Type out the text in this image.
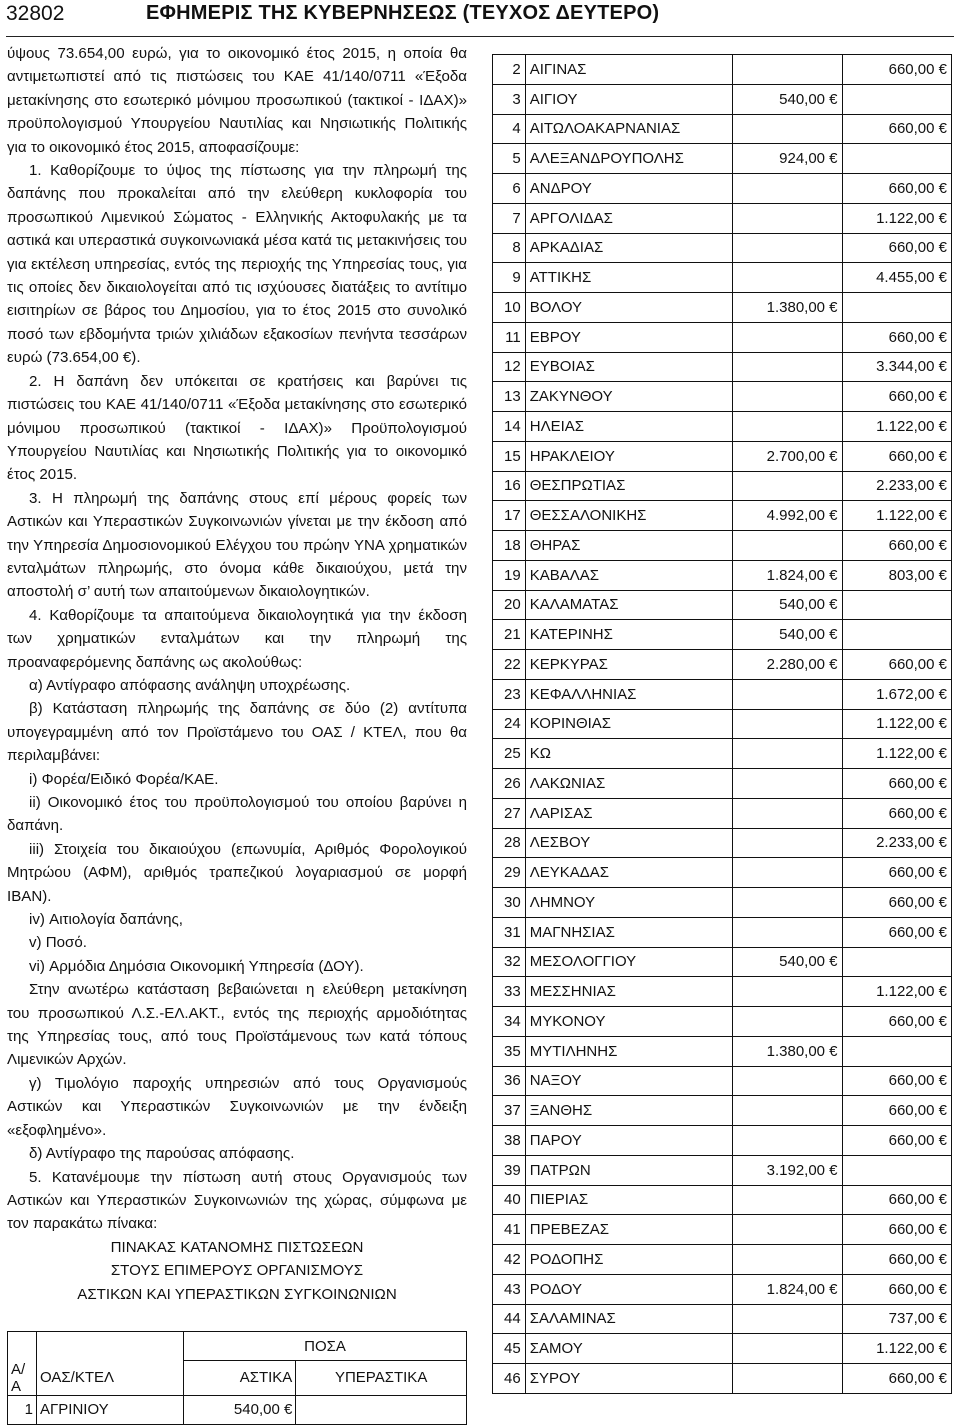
32802	ΕΦΗΜΕΡΙΣ ΤΗΣ ΚΥΒΕΡΝΗΣΕΩΣ (ΤΕΥΧΟΣ ΔΕΥΤΕΡΟ)

ύψους 73.654,00 ευρώ, για το οικονομικό έτος 2015, η οποία θα αντιμετωπιστεί από τις πιστώσεις του ΚΑΕ 41/140/0711 «Έξοδα μετακίνησης στο εσωτερικό μόνιμου προσωπικού (τακτικοί - ΙΔΑΧ)» προϋπολογισμού Υπουργείου Ναυτιλίας και Νησιωτικής Πολιτικής για το οικονομικό έτος 2015, αποφασίζουμε:

1. Καθορίζουμε το ύψος της πίστωσης για την πληρωμή της δαπάνης που προκαλείται από την ελεύθερη κυκλοφορία του προσωπικού Λιμενικού Σώματος - Ελληνικής Ακτοφυλακής με τα αστικά και υπεραστικά συγκοινωνιακά μέσα κατά τις μετακινήσεις του για εκτέλεση υπηρεσίας, εντός της περιοχής της Υπηρεσίας τους, για τις οποίες δεν δικαιολογείται από τις ισχύουσες διατάξεις το αντίτιμο εισιτηρίων σε βάρος του Δημοσίου, για το έτος 2015 στο συνολικό ποσό των εβδομήντα τριών χιλιάδων εξακοσίων πενήντα τεσσάρων ευρώ (73.654,00 €).

2. Η δαπάνη δεν υπόκειται σε κρατήσεις και βαρύνει τις πιστώσεις του ΚΑΕ 41/140/0711 «Έξοδα μετακίνησης στο εσωτερικό μόνιμου προσωπικού (τακτικοί - ΙΔΑΧ)» Προϋπολογισμού Υπουργείου Ναυτιλίας και Νησιωτικής Πολιτικής για το οικονομικό έτος 2015.

3. Η πληρωμή της δαπάνης στους επί μέρους φορείς των Αστικών και Υπεραστικών Συγκοινωνιών γίνεται με την έκδοση από την Υπηρεσία Δημοσιονομικού Ελέγχου του πρώην ΥΝΑ χρηματικών ενταλμάτων πληρωμής, στο όνομα κάθε δικαιούχου, μετά την αποστολή σ’ αυτή των απαιτούμενων δικαιολογητικών.

4. Καθορίζουμε τα απαιτούμενα δικαιολογητικά για την έκδοση των χρηματικών ενταλμάτων και την πληρωμή της προαναφερόμενης δαπάνης ως ακολούθως:

α) Αντίγραφο απόφασης ανάληψη υποχρέωσης.

β) Κατάσταση πληρωμής της δαπάνης σε δύο (2) αντίτυπα υπογεγραμμένη από τον Προϊστάμενο του ΟΑΣ / ΚΤΕΛ, που θα περιλαμβάνει:

i) Φορέα/Ειδικό Φορέα/ΚΑΕ.

ii) Οικονομικό έτος του προϋπολογισμού του οποίου βαρύνει η δαπάνη.

iii) Στοιχεία του δικαιούχου (επωνυμία, Αριθμός Φορολογικού Μητρώου (ΑΦΜ), αριθμός τραπεζικού λογαριασμού σε μορφή ΙΒΑΝ).

iv) Αιτιολογία δαπάνης,

v) Ποσό.

vi) Αρμόδια Δημόσια Οικονομική Υπηρεσία (ΔΟΥ).

Στην ανωτέρω κατάσταση βεβαιώνεται η ελεύθερη μετακίνηση του προσωπικού Λ.Σ.-ΕΛ.ΑΚΤ., εντός της περιοχής αρμοδιότητας της Υπηρεσίας τους, από τους Προϊστάμενους των κατά τόπους Λιμενικών Αρχών.

γ) Τιμολόγιο παροχής υπηρεσιών από τους Οργανισμούς Αστικών και Υπεραστικών Συγκοινωνιών με την ένδειξη «εξοφλημένο».

δ) Αντίγραφο της παρούσας απόφασης.

5. Κατανέμουμε την πίστωση αυτή στους Οργανισμούς των Αστικών και Υπεραστικών Συγκοινωνιών της χώρας, σύμφωνα με τον παρακάτω πίνακα:

ΠΙΝΑΚΑΣ ΚΑΤΑΝΟΜΗΣ ΠΙΣΤΩΣΕΩΝ

ΣΤΟΥΣ ΕΠΙΜΕΡΟΥΣ ΟΡΓΑΝΙΣΜΟΥΣ

ΑΣΤΙΚΩΝ ΚΑΙ ΥΠΕΡΑΣΤΙΚΩΝ ΣΥΓΚΟΙΝΩΝΙΩΝ

		ΠΟΣΑ	
Α/Α	ΟΑΣ/ΚΤΕΛ	ΑΣΤΙΚΑ	ΥΠΕΡΑΣΤΙΚΑ
1	ΑΓΡΙΝΙΟΥ	540,00 €	
2	ΑΙΓΙΝΑΣ		660,00 €
3	ΑΙΓΙΟΥ	540,00 €	
4	ΑΙΤΩΛΟΑΚΑΡΝΑΝΙΑΣ		660,00 €
5	ΑΛΕΞΑΝΔΡΟΥΠΟΛΗΣ	924,00 €	
6	ΑΝΔΡΟΥ		660,00 €
7	ΑΡΓΟΛΙΔΑΣ		1.122,00 €
8	ΑΡΚΑΔΙΑΣ		660,00 €
9	ΑΤΤΙΚΗΣ		4.455,00 €
10	ΒΟΛΟΥ	1.380,00 €	
11	ΕΒΡΟΥ		660,00 €
12	ΕΥΒΟΙΑΣ		3.344,00 €
13	ΖΑΚΥΝΘΟΥ		660,00 €
14	ΗΛΕΙΑΣ		1.122,00 €
15	ΗΡΑΚΛΕΙΟΥ	2.700,00 €	660,00 €
16	ΘΕΣΠΡΩΤΙΑΣ		2.233,00 €
17	ΘΕΣΣΑΛΟΝΙΚΗΣ	4.992,00 €	1.122,00 €
18	ΘΗΡΑΣ		660,00 €
19	ΚΑΒΑΛΑΣ	1.824,00 €	803,00 €
20	ΚΑΛΑΜΑΤΑΣ	540,00 €	
21	ΚΑΤΕΡΙΝΗΣ	540,00 €	
22	ΚΕΡΚΥΡΑΣ	2.280,00 €	660,00 €
23	ΚΕΦΑΛΛΗΝΙΑΣ		1.672,00 €
24	ΚΟΡΙΝΘΙΑΣ		1.122,00 €
25	ΚΩ		1.122,00 €
26	ΛΑΚΩΝΙΑΣ		660,00 €
27	ΛΑΡΙΣΑΣ		660,00 €
28	ΛΕΣΒΟΥ		2.233,00 €
29	ΛΕΥΚΑΔΑΣ		660,00 €
30	ΛΗΜΝΟΥ		660,00 €
31	ΜΑΓΝΗΣΙΑΣ		660,00 €
32	ΜΕΣΟΛΟΓΓΙΟΥ	540,00 €	
33	ΜΕΣΣΗΝΙΑΣ		1.122,00 €
34	ΜΥΚΟΝΟΥ		660,00 €
35	ΜΥΤΙΛΗΝΗΣ	1.380,00 €	
36	ΝΑΞΟΥ		660,00 €
37	ΞΑΝΘΗΣ		660,00 €
38	ΠΑΡΟΥ		660,00 €
39	ΠΑΤΡΩΝ	3.192,00 €	
40	ΠΙΕΡΙΑΣ		660,00 €
41	ΠΡΕΒΕΖΑΣ		660,00 €
42	ΡΟΔΟΠΗΣ		660,00 €
43	ΡΟΔΟΥ	1.824,00 €	660,00 €
44	ΣΑΛΑΜΙΝΑΣ		737,00 €
45	ΣΑΜΟΥ		1.122,00 €
46	ΣΥΡΟΥ		660,00 €
